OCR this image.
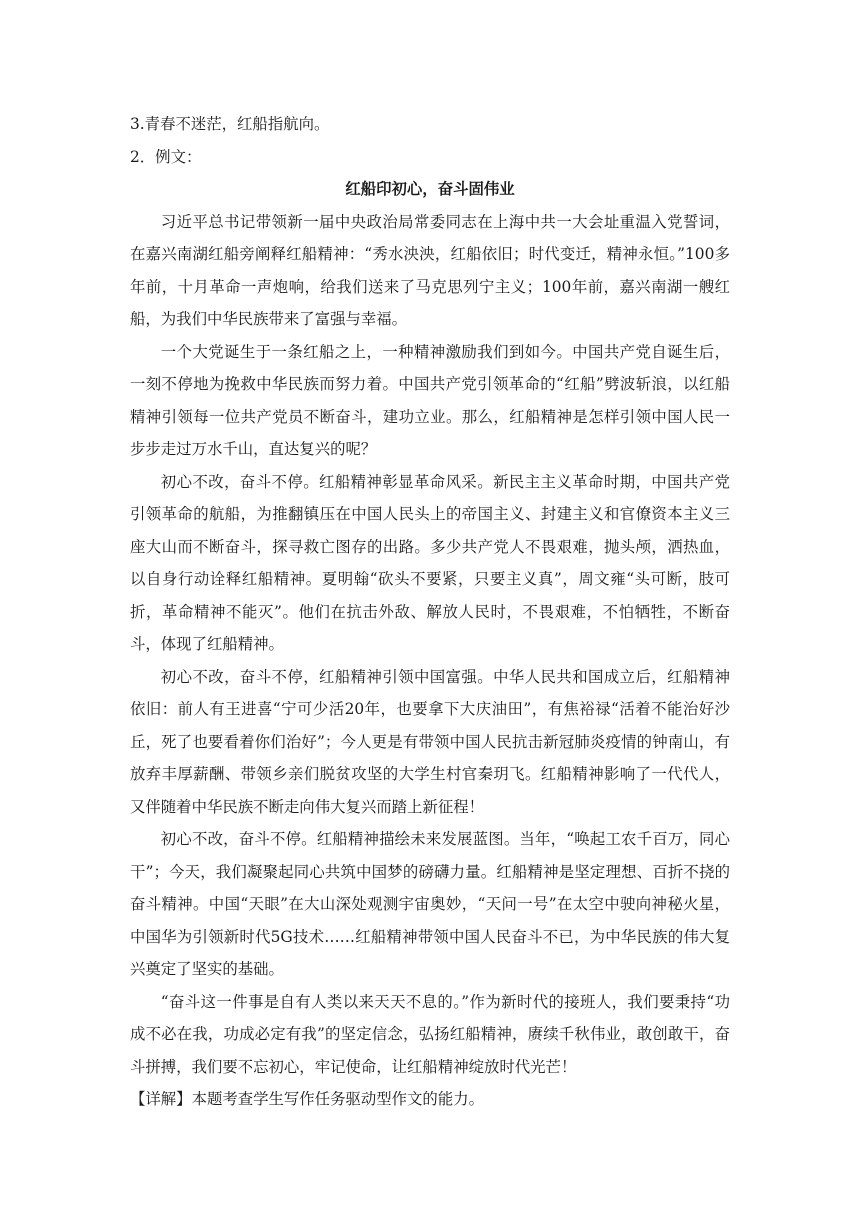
3.青春不迷茫，红船指航向。

2．例文：

红船印初心，奋斗固伟业

习近平总书记带领新一届中央政治局常委同志在上海中共一大会址重温入党誓词，在嘉兴南湖红船旁阐释红船精神：“秀水泱泱，红船依旧；时代变迁，精神永恒。”100多年前，十月革命一声炮响，给我们送来了马克思列宁主义；100年前，嘉兴南湖一艘红船，为我们中华民族带来了富强与幸福。

一个大党诞生于一条红船之上，一种精神激励我们到如今。中国共产党自诞生后，一刻不停地为挽救中华民族而努力着。中国共产党引领革命的“红船”劈波斩浪，以红船精神引领每一位共产党员不断奋斗，建功立业。那么，红船精神是怎样引领中国人民一步步走过万水千山，直达复兴的呢？

初心不改，奋斗不停。红船精神彰显革命风采。新民主主义革命时期，中国共产党引领革命的航船，为推翻镇压在中国人民头上的帝国主义、封建主义和官僚资本主义三座大山而不断奋斗，探寻救亡图存的出路。多少共产党人不畏艰难，抛头颅，洒热血，以自身行动诠释红船精神。夏明翰“砍头不要紧，只要主义真”，周文雍“头可断，肢可折，革命精神不能灭”。他们在抗击外敌、解放人民时，不畏艰难，不怕牺牲，不断奋斗，体现了红船精神。

初心不改，奋斗不停，红船精神引领中国富强。中华人民共和国成立后，红船精神依旧：前人有王进喜“宁可少活20年，也要拿下大庆油田”，有焦裕禄“活着不能治好沙丘，死了也要看着你们治好”；今人更是有带领中国人民抗击新冠肺炎疫情的钟南山，有放弃丰厚薪酬、带领乡亲们脱贫攻坚的大学生村官秦玥飞。红船精神影响了一代代人，又伴随着中华民族不断走向伟大复兴而踏上新征程！

初心不改，奋斗不停。红船精神描绘未来发展蓝图。当年，“唤起工农千百万，同心干”；今天，我们凝聚起同心共筑中国梦的磅礴力量。红船精神是坚定理想、百折不挠的奋斗精神。中国“天眼”在大山深处观测宇宙奥妙，“天问一号”在太空中驶向神秘火星，中国华为引领新时代5G技术……红船精神带领中国人民奋斗不已，为中华民族的伟大复兴奠定了坚实的基础。

“奋斗这一件事是自有人类以来天天不息的。”作为新时代的接班人，我们要秉持“功成不必在我，功成必定有我”的坚定信念，弘扬红船精神，赓续千秋伟业，敢创敢干，奋斗拼搏，我们要不忘初心，牢记使命，让红船精神绽放时代光芒！

【详解】本题考查学生写作任务驱动型作文的能力。
